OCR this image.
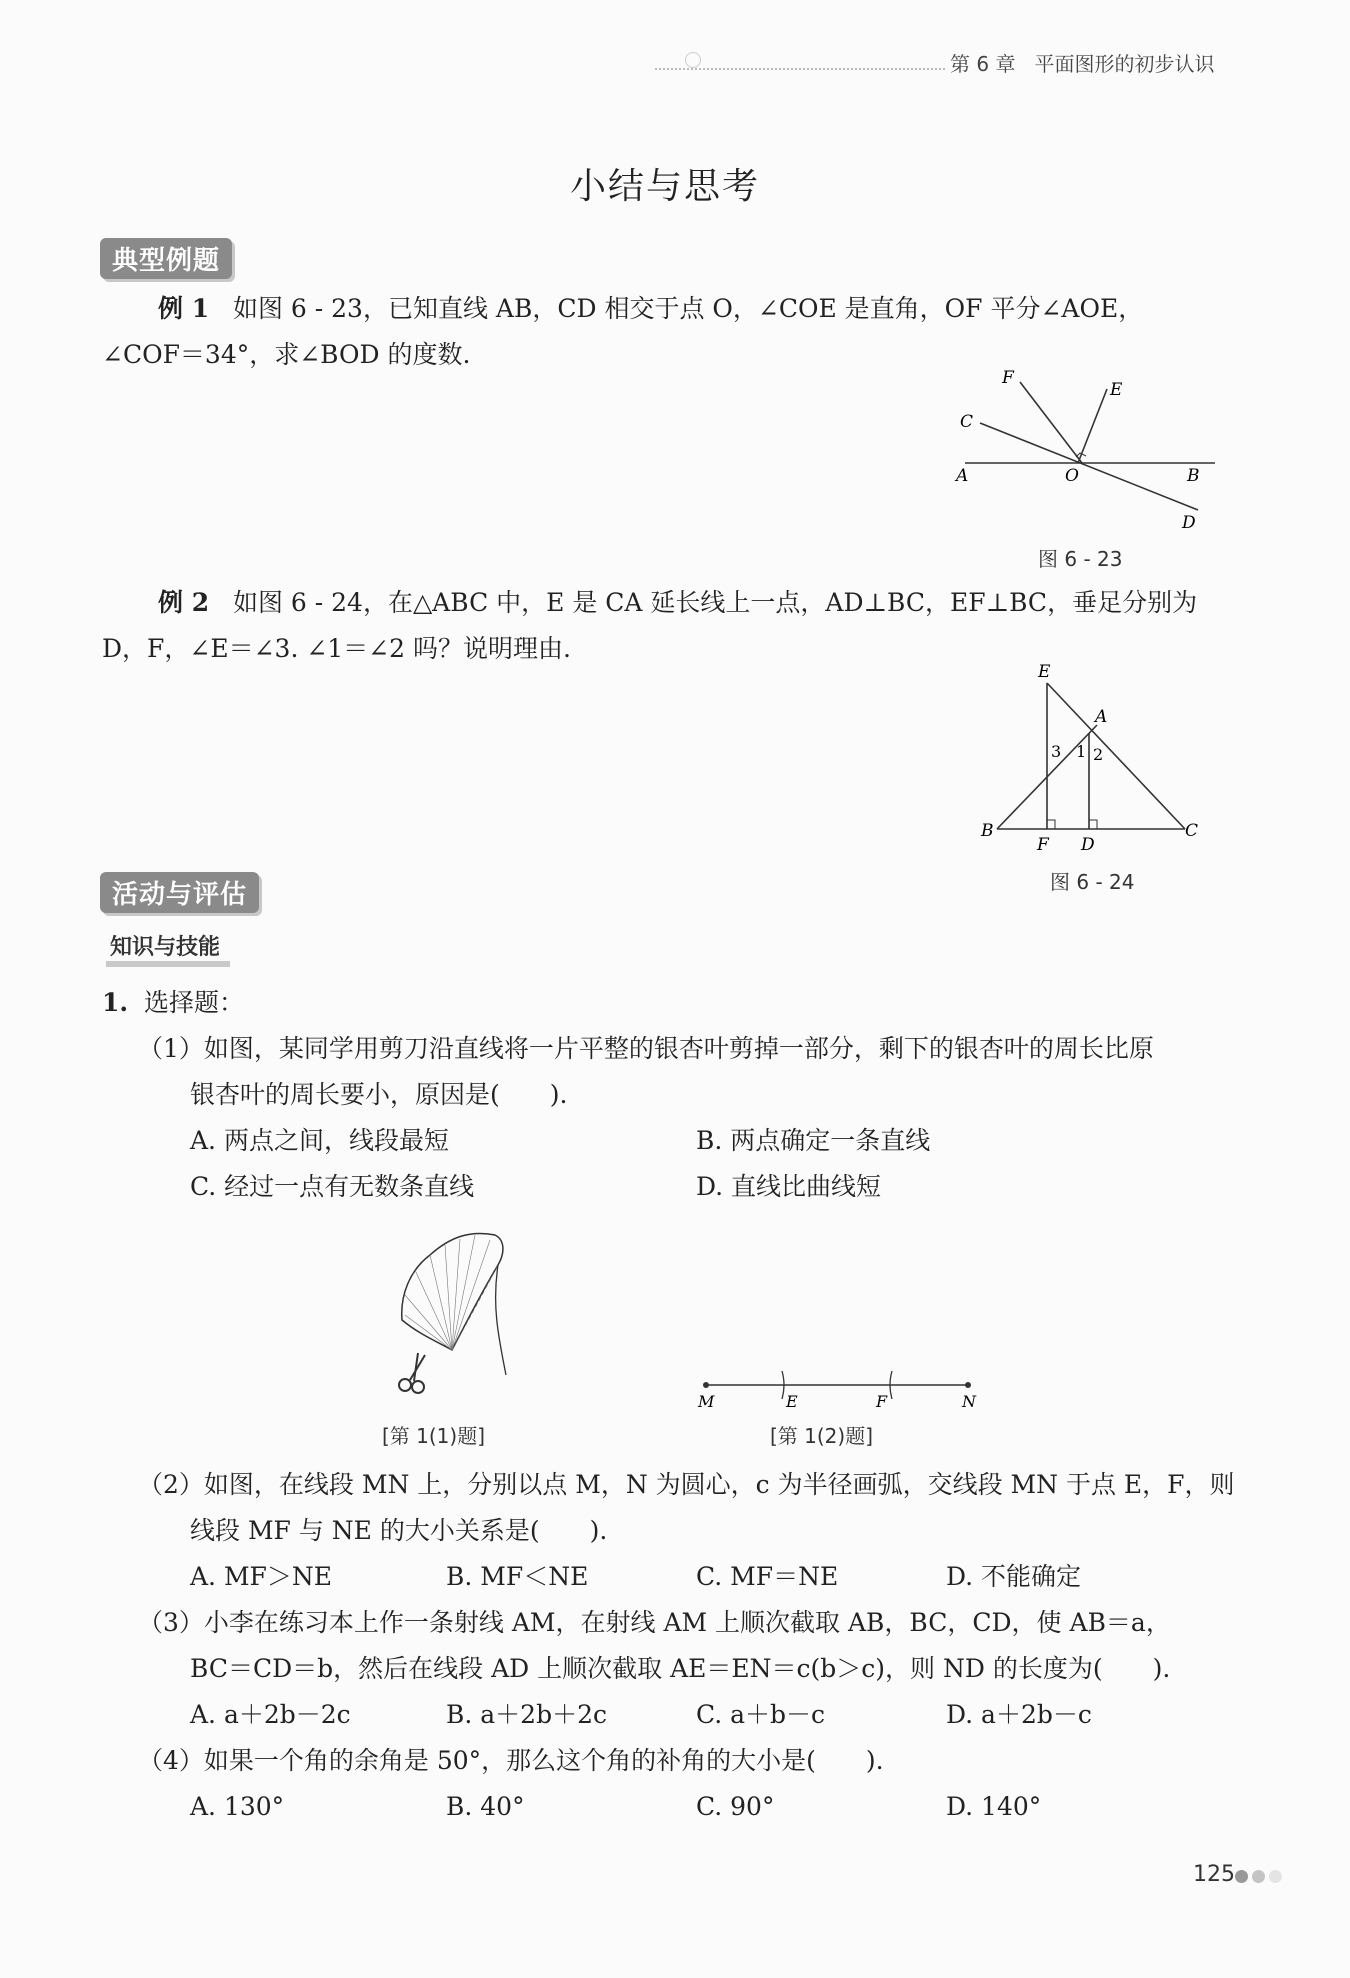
第 6 章 平面图形的初步认识
小结与思考
典型例题
例 1 如图 6 - 23，已知直线 AB，CD 相交于点 O，∠COE 是直角，OF 平分∠AOE，
∠COF＝34°，求∠BOD 的度数.
F
E
C
A	O	B
D
图 6 - 23
例 2 如图 6 - 24，在△ABC 中，E 是 CA 延长线上一点，AD⊥BC，EF⊥BC，垂足分别为
D，F，∠E＝∠3. ∠1＝∠2 吗？说明理由.
E
A
3 1 2
B
F D
C
图 6 - 24
活动与评估
知识与技能
1. 选择题：
（1）如图，某同学用剪刀沿直线将一片平整的银杏叶剪掉一部分，剩下的银杏叶的周长比原
银杏叶的周长要小，原因是(　　).
A. 两点之间，线段最短	B. 两点确定一条直线
C. 经过一点有无数条直线	D. 直线比曲线短
[第 1(1)题]
M	E	F	N
[第 1(2)题]
（2）如图，在线段 MN 上，分别以点 M，N 为圆心，c 为半径画弧，交线段 MN 于点 E，F，则
线段 MF 与 NE 的大小关系是(　　).
A. MF＞NE	B. MF＜NE	C. MF＝NE	D. 不能确定
（3）小李在练习本上作一条射线 AM，在射线 AM 上顺次截取 AB，BC，CD，使 AB＝a，
BC＝CD＝b，然后在线段 AD 上顺次截取 AE＝EN＝c(b＞c)，则 ND 的长度为(　　).
A. a＋2b－2c	B. a＋2b＋2c	C. a＋b－c	D. a＋2b－c
（4）如果一个角的余角是 50°，那么这个角的补角的大小是(　　).
A. 130°	B. 40°	C. 90°	D. 140°
125
